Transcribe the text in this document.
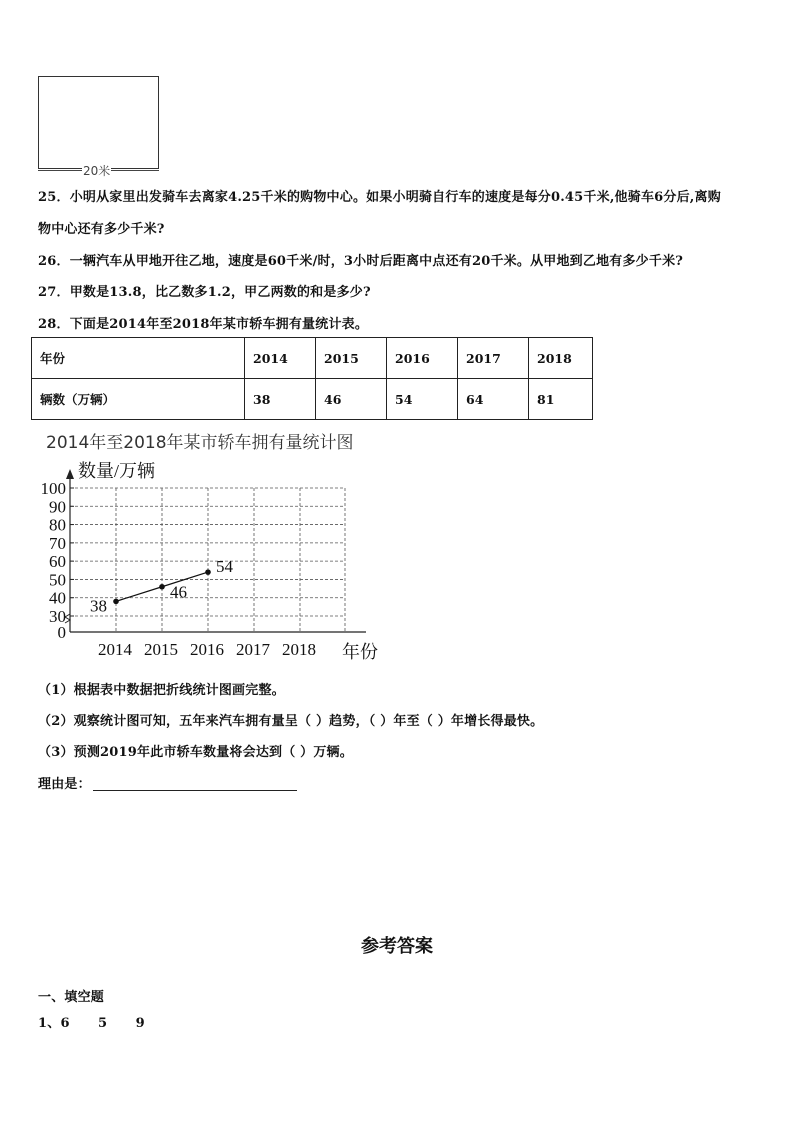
20米
25．小明从家里出发骑车去离家4.25千米的购物中心。如果小明骑自行车的速度是每分0.45千米,他骑车6分后,离购
物中心还有多少千米?
26．一辆汽车从甲地开往乙地，速度是60千米/时，3小时后距离中点还有20千米。从甲地到乙地有多少千米?
27．甲数是13.8，比乙数多1.2，甲乙两数的和是多少?
28．下面是2014年至2018年某市轿车拥有量统计表。
年份	2014	2015	2016	2017	2018
辆数（万辆）	38	46	54	64	81
2014年至2018年某市轿车拥有量统计图
0
30
40
50
60
70
80
90
100
2014 2015 2016 2017 2018
数量/万辆
年份
38
46
54
（1）根据表中数据把折线统计图画完整。
（2）观察统计图可知，五年来汽车拥有量呈（ ）趋势，（ ）年至（ ）年增长得最快。
（3）预测2019年此市轿车数量将会达到（ ）万辆。
理由是：
参考答案
一、填空题
1、6      5      9
